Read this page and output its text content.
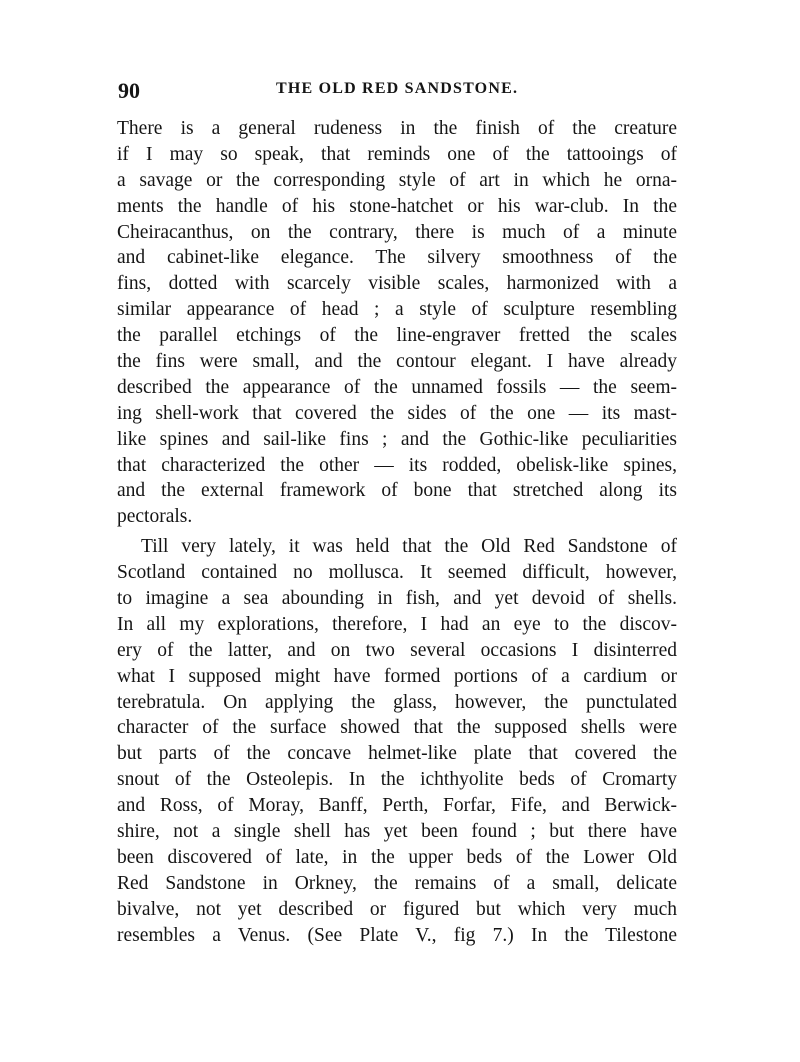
90	THE OLD RED SANDSTONE.
There is a general rudeness in the finish of the creature
if I may so speak, that reminds one of the tattooings of
a savage or the corresponding style of art in which he orna-
ments the handle of his stone-hatchet or his war-club. In the
Cheiracanthus, on the contrary, there is much of a minute
and cabinet-like elegance. The silvery smoothness of the
fins, dotted with scarcely visible scales, harmonized with a
similar appearance of head ; a style of sculpture resembling
the parallel etchings of the line-engraver fretted the scales
the fins were small, and the contour elegant. I have already
described the appearance of the unnamed fossils — the seem-
ing shell-work that covered the sides of the one — its mast-
like spines and sail-like fins ; and the Gothic-like peculiarities
that characterized the other — its rodded, obelisk-like spines,
and the external framework of bone that stretched along its
pectorals.
Till very lately, it was held that the Old Red Sandstone of
Scotland contained no mollusca. It seemed difficult, however,
to imagine a sea abounding in fish, and yet devoid of shells.
In all my explorations, therefore, I had an eye to the discov-
ery of the latter, and on two several occasions I disinterred
what I supposed might have formed portions of a cardium or
terebratula. On applying the glass, however, the punctulated
character of the surface showed that the supposed shells were
but parts of the concave helmet-like plate that covered the
snout of the Osteolepis. In the ichthyolite beds of Cromarty
and Ross, of Moray, Banff, Perth, Forfar, Fife, and Berwick-
shire, not a single shell has yet been found ; but there have
been discovered of late, in the upper beds of the Lower Old
Red Sandstone in Orkney, the remains of a small, delicate
bivalve, not yet described or figured but which very much
resembles a Venus. (See Plate V., fig 7.) In the Tilestone
